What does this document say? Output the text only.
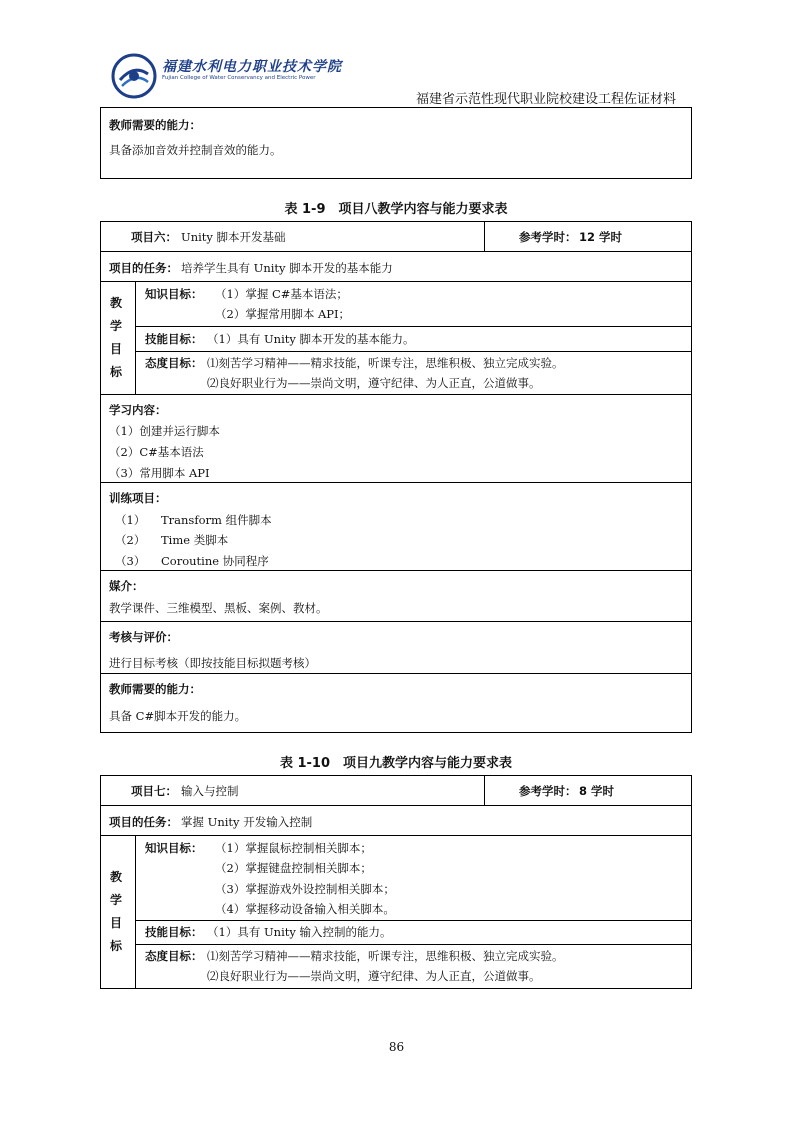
福建水利电力职业技术学院
Fujian College of Water Conservancy and Electric Power
福建省示范性现代职业院校建设工程佐证材料
教师需要的能力：
具备添加音效并控制音效的能力。
表 1-9　项目八教学内容与能力要求表
项目六： Unity 脚本开发基础	参考学时： 12 学时
项目的任务： 培养学生具有 Unity 脚本开发的基本能力
教
学
目
标
知识目标： （1）掌握 C#基本语法；
（2）掌握常用脚本 API；
技能目标： （1）具有 Unity 脚本开发的基本能力。
态度目标： ⑴刻苦学习精神——精求技能，听课专注，思维积极、独立完成实验。
⑵良好职业行为——崇尚文明，遵守纪律、为人正直，公道做事。
学习内容：
（1）创建并运行脚本
（2）C#基本语法
（3）常用脚本 API
训练项目：
（1） Transform 组件脚本
（2） Time 类脚本
（3） Coroutine 协同程序
媒介：
教学课件、三维模型、黑板、案例、教材。
考核与评价：
进行目标考核（即按技能目标拟题考核）
教师需要的能力：
具备 C#脚本开发的能力。
表 1-10　项目九教学内容与能力要求表
项目七： 输入与控制	参考学时： 8 学时
项目的任务： 掌握 Unity 开发输入控制
教
学
目
标
知识目标： （1）掌握鼠标控制相关脚本；
（2）掌握键盘控制相关脚本；
（3）掌握游戏外设控制相关脚本；
（4）掌握移动设备输入相关脚本。
技能目标： （1）具有 Unity 输入控制的能力。
态度目标： ⑴刻苦学习精神——精求技能，听课专注，思维积极、独立完成实验。
⑵良好职业行为——崇尚文明，遵守纪律、为人正直，公道做事。
86
